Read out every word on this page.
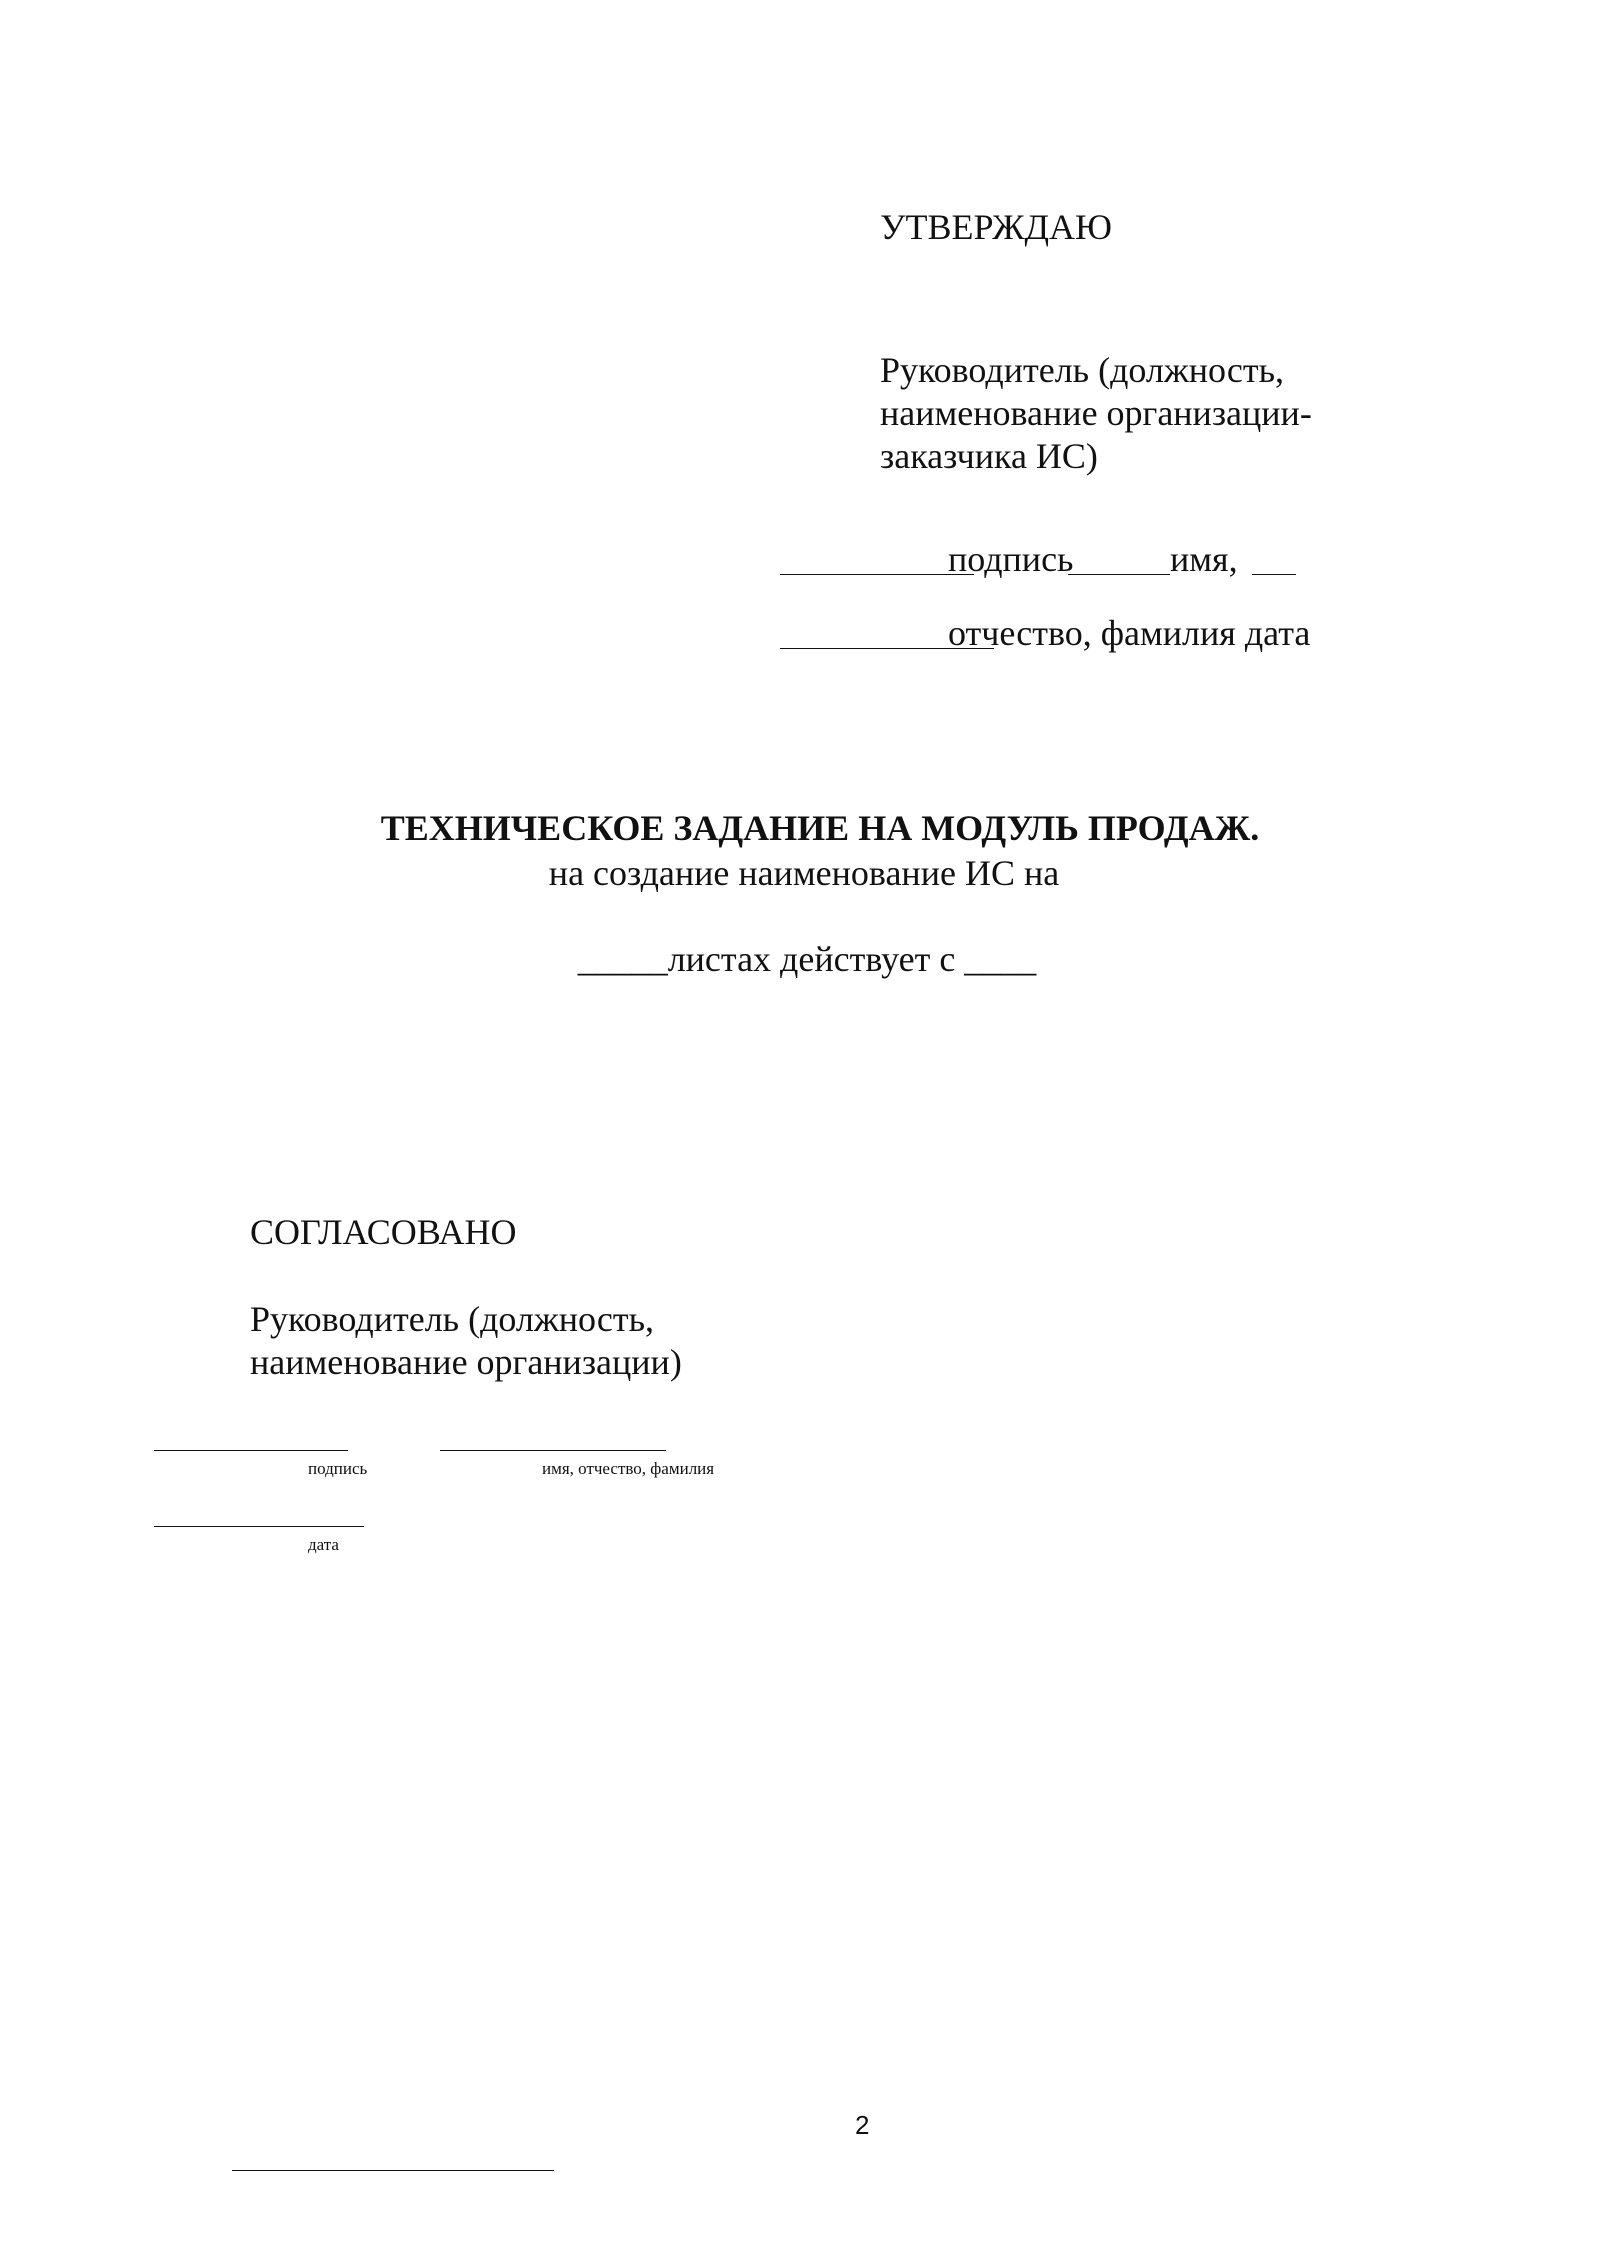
УТВЕРЖДАЮ
Руководитель (должность,
наименование организации-
заказчика ИС)
подпись	имя,
отчество, фамилия дата
ТЕХНИЧЕСКОЕ ЗАДАНИЕ НА МОДУЛЬ ПРОДАЖ.
на создание наименование ИС на
_____листах действует с ____
СОГЛАСОВАНО
Руководитель (должность,
наименование организации)
подпись	имя, отчество, фамилия
дата
2
